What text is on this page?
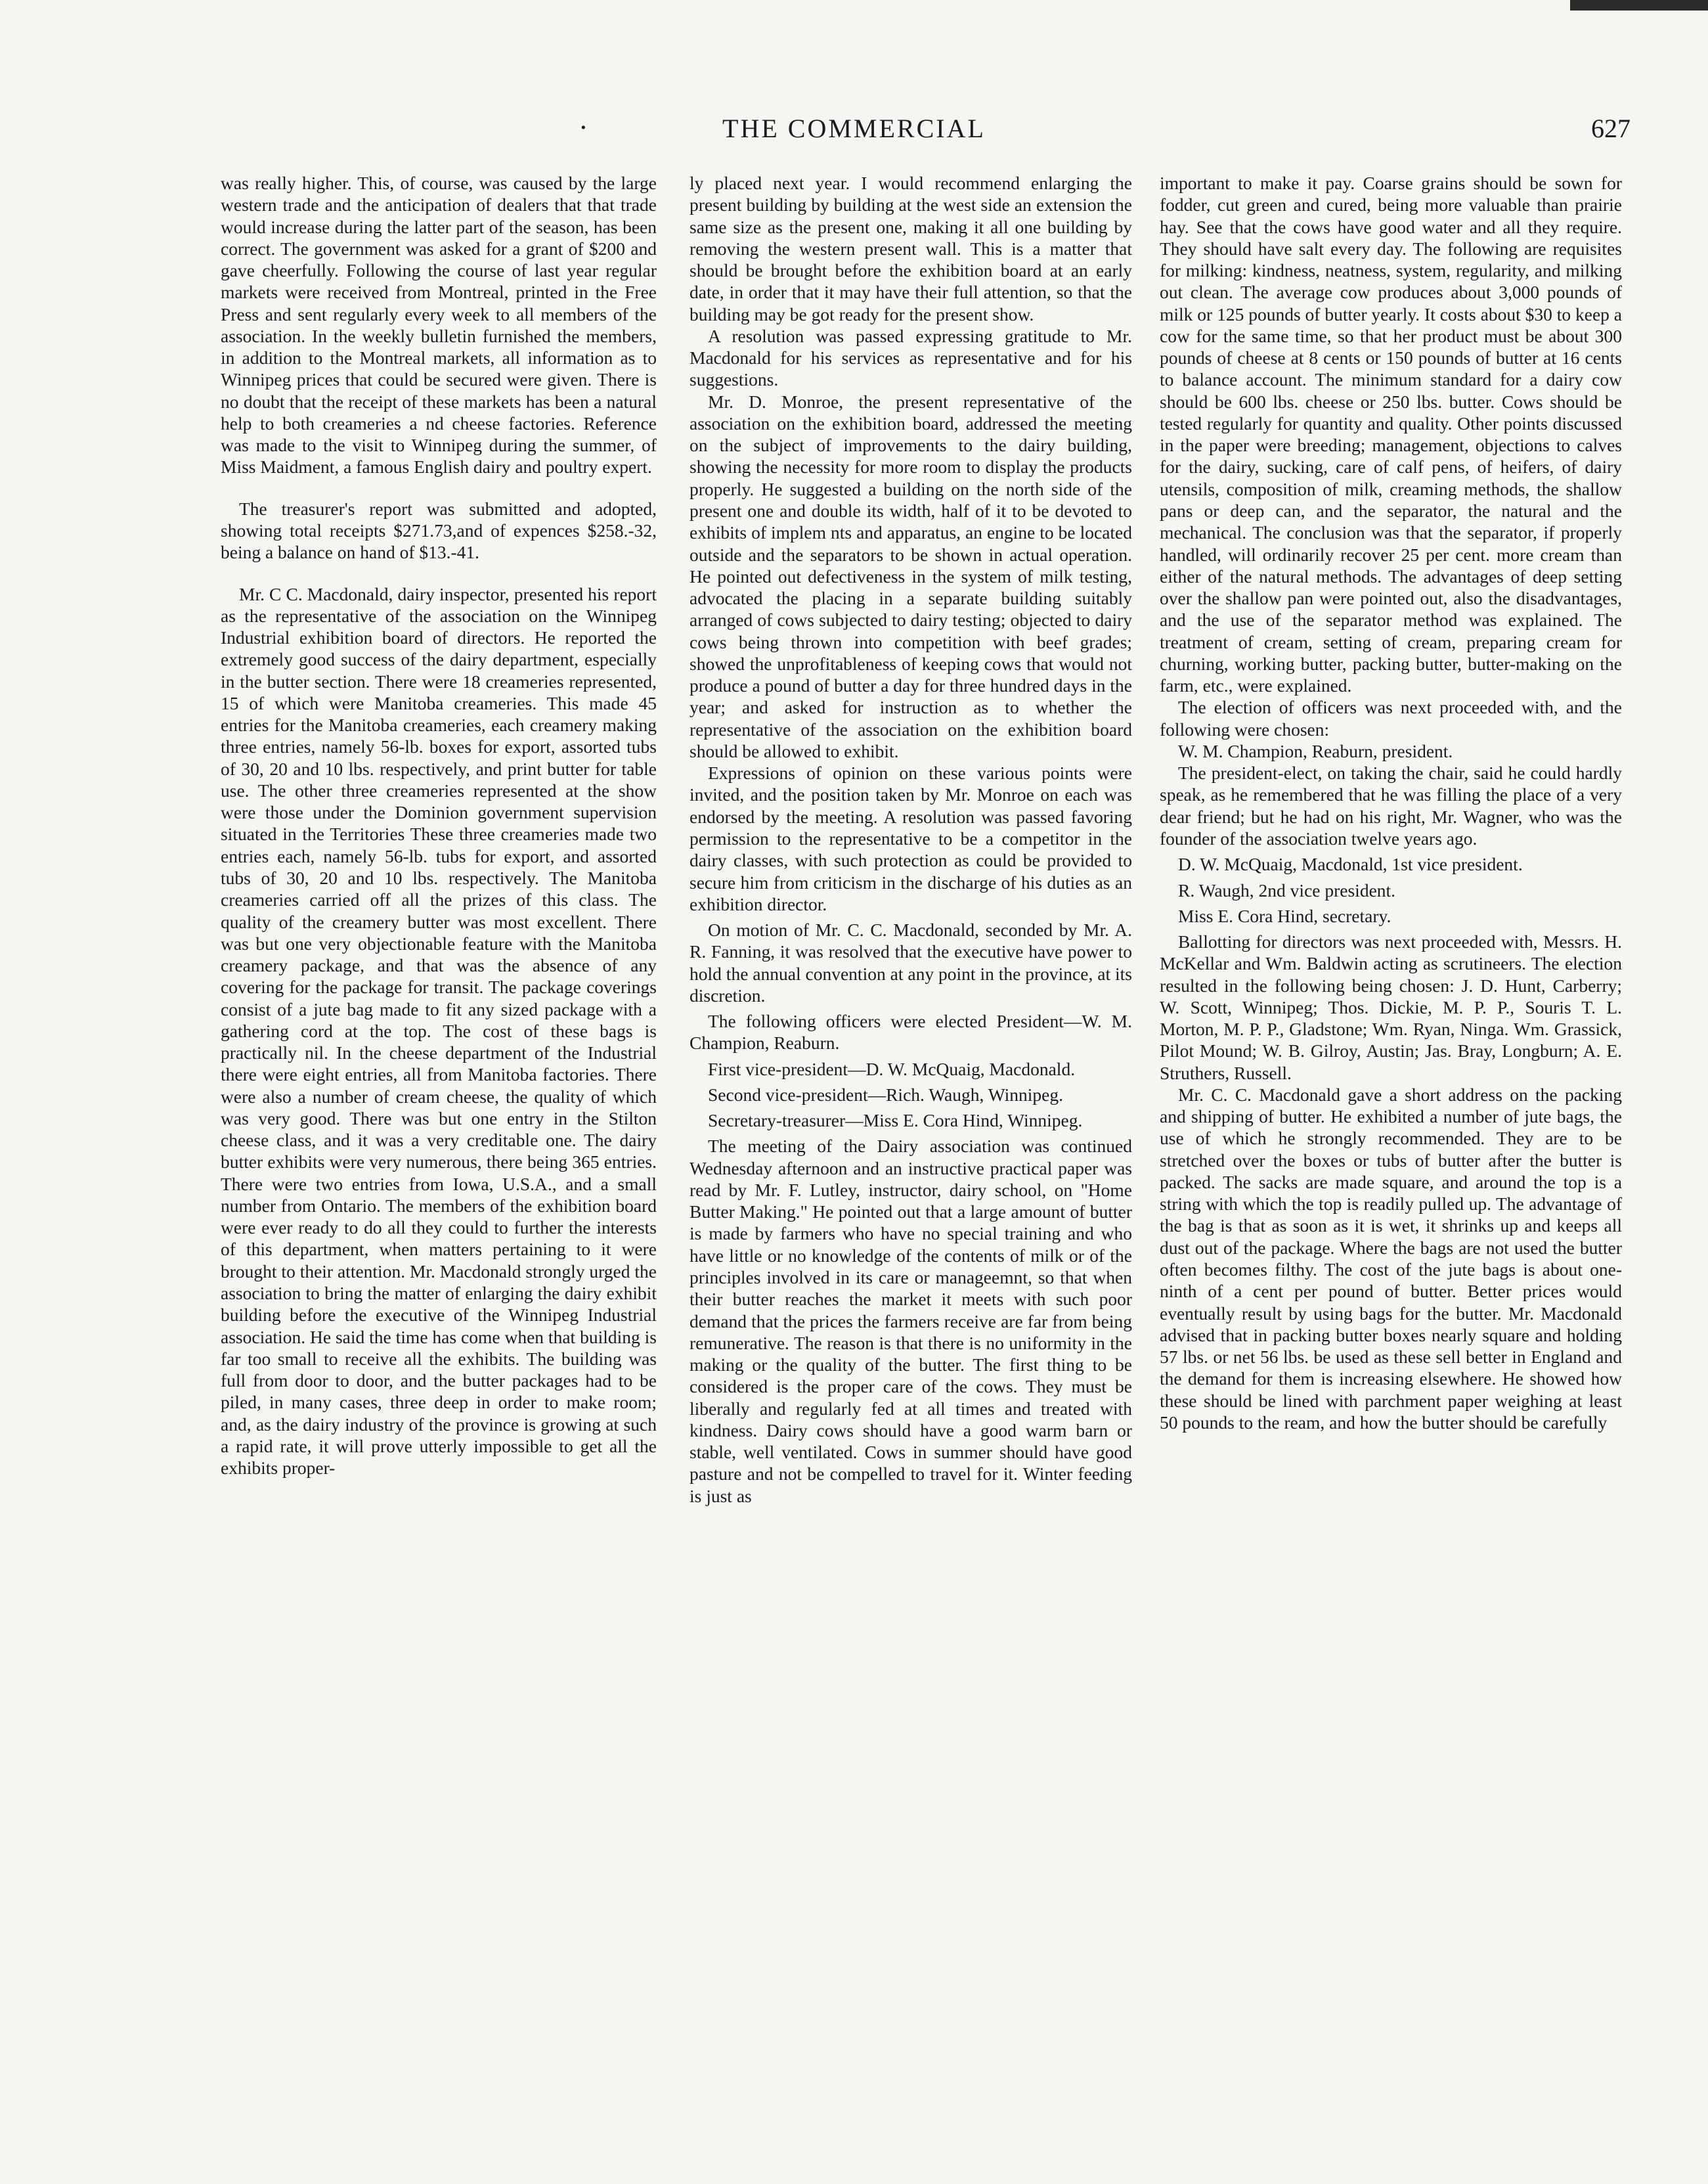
·	THE COMMERCIAL	627

was really higher. This, of course, was caused by the large western trade and the anticipation of dealers that that trade would increase during the latter part of the season, has been correct. The government was asked for a grant of $200 and gave cheerfully. Following the course of last year regular markets were received from Montreal, printed in the Free Press and sent regularly every week to all members of the association. In the weekly bulletin furnished the members, in addition to the Montreal markets, all information as to Winnipeg prices that could be secured were given. There is no doubt that the receipt of these markets has been a natural help to both creameries a nd cheese factories. Reference was made to the visit to Winnipeg during the summer, of Miss Maidment, a famous English dairy and poultry expert.

The treasurer's report was submitted and adopted, showing total receipts $271.73,and of expences $258.-32, being a balance on hand of $13.-41.

Mr. C C. Macdonald, dairy inspector, presented his report as the representative of the association on the Winnipeg Industrial exhibition board of directors. He reported the extremely good success of the dairy department, especially in the butter section. There were 18 creameries represented, 15 of which were Manitoba creameries. This made 45 entries for the Manitoba creameries, each creamery making three entries, namely 56-lb. boxes for export, assorted tubs of 30, 20 and 10 lbs. respectively, and print butter for table use. The other three creameries represented at the show were those under the Dominion government supervision situated in the Territories These three creameries made two entries each, namely 56-lb. tubs for export, and assorted tubs of 30, 20 and 10 lbs. respectively. The Manitoba creameries carried off all the prizes of this class. The quality of the creamery butter was most excellent. There was but one very objectionable feature with the Manitoba creamery package, and that was the absence of any covering for the package for transit. The package coverings consist of a jute bag made to fit any sized package with a gathering cord at the top. The cost of these bags is practically nil. In the cheese department of the Industrial there were eight entries, all from Manitoba factories. There were also a number of cream cheese, the quality of which was very good. There was but one entry in the Stilton cheese class, and it was a very creditable one. The dairy butter exhibits were very numerous, there being 365 entries. There were two entries from Iowa, U.S.A., and a small number from Ontario. The members of the exhibition board were ever ready to do all they could to further the interests of this department, when matters pertaining to it were brought to their attention. Mr. Macdonald strongly urged the association to bring the matter of enlarging the dairy exhibit building before the executive of the Winnipeg Industrial association. He said the time has come when that building is far too small to receive all the exhibits. The building was full from door to door, and the butter packages had to be piled, in many cases, three deep in order to make room; and, as the dairy industry of the province is growing at such a rapid rate, it will prove utterly impossible to get all the exhibits proper-

ly placed next year. I would recommend enlarging the present building by building at the west side an extension the same size as the present one, making it all one building by removing the western present wall. This is a matter that should be brought before the exhibition board at an early date, in order that it may have their full attention, so that the building may be got ready for the present show.

A resolution was passed expressing gratitude to Mr. Macdonald for his services as representative and for his suggestions.

Mr. D. Monroe, the present representative of the association on the exhibition board, addressed the meeting on the subject of improvements to the dairy building, showing the necessity for more room to display the products properly. He suggested a building on the north side of the present one and double its width, half of it to be devoted to exhibits of implem nts and apparatus, an engine to be located outside and the separators to be shown in actual operation. He pointed out defectiveness in the system of milk testing, advocated the placing in a separate building suitably arranged of cows subjected to dairy testing; objected to dairy cows being thrown into competition with beef grades; showed the unprofitableness of keeping cows that would not produce a pound of butter a day for three hundred days in the year; and asked for instruction as to whether the representative of the association on the exhibition board should be allowed to exhibit.

Expressions of opinion on these various points were invited, and the position taken by Mr. Monroe on each was endorsed by the meeting. A resolution was passed favoring permission to the representative to be a competitor in the dairy classes, with such protection as could be provided to secure him from criticism in the discharge of his duties as an exhibition director.

On motion of Mr. C. C. Macdonald, seconded by Mr. A. R. Fanning, it was resolved that the executive have power to hold the annual convention at any point in the province, at its discretion.

The following officers were elected President—W. M. Champion, Reaburn.

First vice-president—D. W. McQuaig, Macdonald.

Second vice-president—Rich. Waugh, Winnipeg.

Secretary-treasurer—Miss E. Cora Hind, Winnipeg.

The meeting of the Dairy association was continued Wednesday afternoon and an instructive practical paper was read by Mr. F. Lutley, instructor, dairy school, on "Home Butter Making." He pointed out that a large amount of butter is made by farmers who have no special training and who have little or no knowledge of the contents of milk or of the principles involved in its care or manageemnt, so that when their butter reaches the market it meets with such poor demand that the prices the farmers receive are far from being remunerative. The reason is that there is no uniformity in the making or the quality of the butter. The first thing to be considered is the proper care of the cows. They must be liberally and regularly fed at all times and treated with kindness. Dairy cows should have a good warm barn or stable, well ventilated. Cows in summer should have good pasture and not be compelled to travel for it. Winter feeding is just as

important to make it pay. Coarse grains should be sown for fodder, cut green and cured, being more valuable than prairie hay. See that the cows have good water and all they require. They should have salt every day. The following are requisites for milking: kindness, neatness, system, regularity, and milking out clean. The average cow produces about 3,000 pounds of milk or 125 pounds of butter yearly. It costs about $30 to keep a cow for the same time, so that her product must be about 300 pounds of cheese at 8 cents or 150 pounds of butter at 16 cents to balance account. The minimum standard for a dairy cow should be 600 lbs. cheese or 250 lbs. butter. Cows should be tested regularly for quantity and quality. Other points discussed in the paper were breeding; management, objections to calves for the dairy, sucking, care of calf pens, of heifers, of dairy utensils, composition of milk, creaming methods, the shallow pans or deep can, and the separator, the natural and the mechanical. The conclusion was that the separator, if properly handled, will ordinarily recover 25 per cent. more cream than either of the natural methods. The advantages of deep setting over the shallow pan were pointed out, also the disadvantages, and the use of the separator method was explained. The treatment of cream, setting of cream, preparing cream for churning, working butter, packing butter, butter-making on the farm, etc., were explained.

The election of officers was next proceeded with, and the following were chosen:

W. M. Champion, Reaburn, president.

The president-elect, on taking the chair, said he could hardly speak, as he remembered that he was filling the place of a very dear friend; but he had on his right, Mr. Wagner, who was the founder of the association twelve years ago.

D. W. McQuaig, Macdonald, 1st vice president.

R. Waugh, 2nd vice president.

Miss E. Cora Hind, secretary.

Ballotting for directors was next proceeded with, Messrs. H. McKellar and Wm. Baldwin acting as scrutineers. The election resulted in the following being chosen: J. D. Hunt, Carberry; W. Scott, Winnipeg; Thos. Dickie, M. P. P., Souris T. L. Morton, M. P. P., Gladstone; Wm. Ryan, Ninga. Wm. Grassick, Pilot Mound; W. B. Gilroy, Austin; Jas. Bray, Longburn; A. E. Struthers, Russell.

Mr. C. C. Macdonald gave a short address on the packing and shipping of butter. He exhibited a number of jute bags, the use of which he strongly recommended. They are to be stretched over the boxes or tubs of butter after the butter is packed. The sacks are made square, and around the top is a string with which the top is readily pulled up. The advantage of the bag is that as soon as it is wet, it shrinks up and keeps all dust out of the package. Where the bags are not used the butter often becomes filthy. The cost of the jute bags is about one-ninth of a cent per pound of butter. Better prices would eventually result by using bags for the butter. Mr. Macdonald advised that in packing butter boxes nearly square and holding 57 lbs. or net 56 lbs. be used as these sell better in England and the demand for them is increasing elsewhere. He showed how these should be lined with parchment paper weighing at least 50 pounds to the ream, and how the butter should be carefully
